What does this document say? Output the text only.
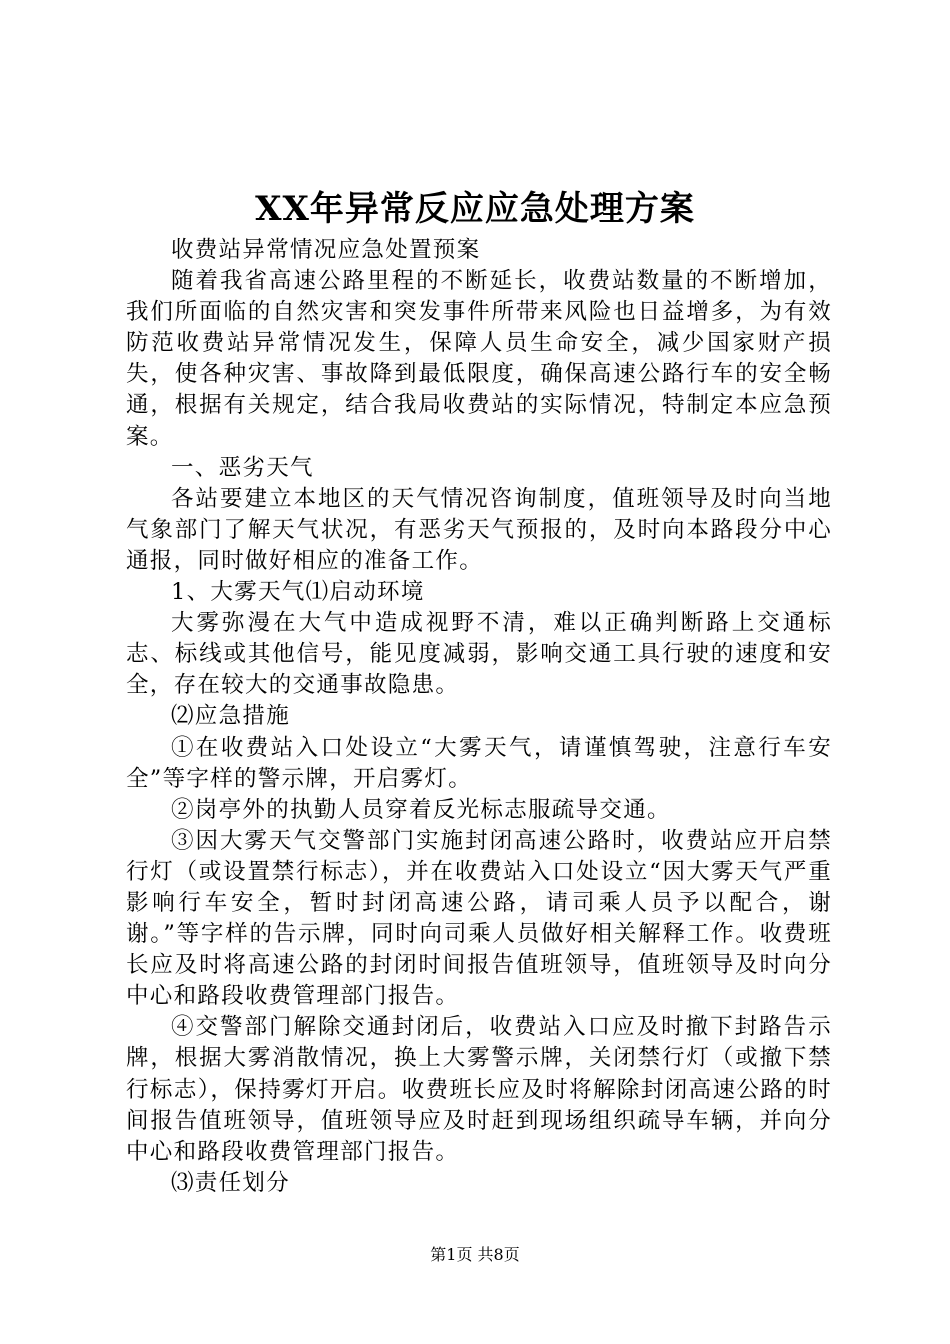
XX年异常反应应急处理方案

收费站异常情况应急处置预案

随着我省高速公路里程的不断延长，收费站数量的不断增加，我们所面临的自然灾害和突发事件所带来风险也日益增多，为有效防范收费站异常情况发生，保障人员生命安全，减少国家财产损失，使各种灾害、事故降到最低限度，确保高速公路行车的安全畅通，根据有关规定，结合我局收费站的实际情况，特制定本应急预案。

一、恶劣天气

各站要建立本地区的天气情况咨询制度，值班领导及时向当地气象部门了解天气状况，有恶劣天气预报的，及时向本路段分中心通报，同时做好相应的准备工作。

1、大雾天气⑴启动环境

大雾弥漫在大气中造成视野不清，难以正确判断路上交通标志、标线或其他信号，能见度减弱，影响交通工具行驶的速度和安全，存在较大的交通事故隐患。

⑵应急措施

①在收费站入口处设立“大雾天气，请谨慎驾驶，注意行车安全”等字样的警示牌，开启雾灯。

②岗亭外的执勤人员穿着反光标志服疏导交通。

③因大雾天气交警部门实施封闭高速公路时，收费站应开启禁行灯（或设置禁行标志），并在收费站入口处设立“因大雾天气严重影响行车安全，暂时封闭高速公路，请司乘人员予以配合，谢谢。”等字样的告示牌，同时向司乘人员做好相关解释工作。收费班长应及时将高速公路的封闭时间报告值班领导，值班领导及时向分中心和路段收费管理部门报告。

④交警部门解除交通封闭后，收费站入口应及时撤下封路告示牌，根据大雾消散情况，换上大雾警示牌，关闭禁行灯（或撤下禁行标志），保持雾灯开启。收费班长应及时将解除封闭高速公路的时间报告值班领导，值班领导应及时赶到现场组织疏导车辆，并向分中心和路段收费管理部门报告。

⑶责任划分

第1页 共8页
